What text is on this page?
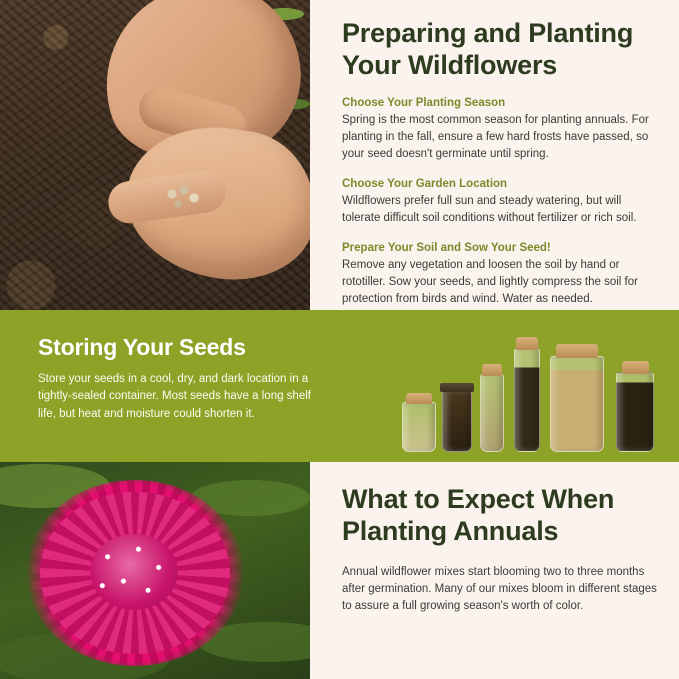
Preparing and Planting Your Wildflowers
Choose Your Planting Season
Spring is the most common season for planting annuals. For planting in the fall, ensure a few hard frosts have passed, so your seed doesn't germinate until spring.
Choose Your Garden Location
Wildflowers prefer full sun and steady watering, but will tolerate difficult soil conditions without fertilizer or rich soil.
Prepare Your Soil and Sow Your Seed!
Remove any vegetation and loosen the soil by hand or rototiller. Sow your seeds, and lightly compress the soil for protection from birds and wind. Water as needed.
Storing Your Seeds
Store your seeds in a cool, dry, and dark location in a tightly-sealed container. Most seeds have a long shelf life, but heat and moisture could shorten it.
What to Expect When Planting Annuals
Annual wildflower mixes start blooming two to three months after germination. Many of our mixes bloom in different stages to assure a full growing season's worth of color.
